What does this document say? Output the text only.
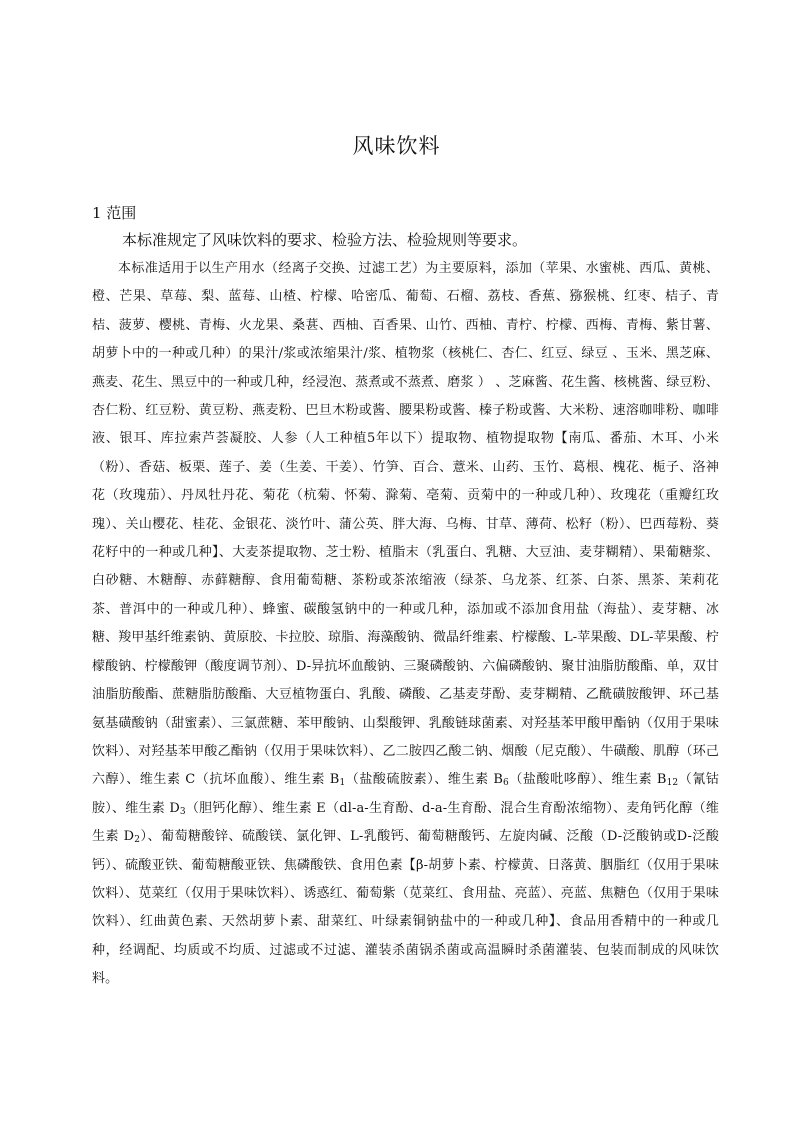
风味饮料
1 范围
本标准规定了风味饮料的要求、检验方法、检验规则等要求。
本标准适用于以生产用水（经离子交换、过滤工艺）为主要原料，添加（苹果、水蜜桃、西瓜、黄桃、橙、芒果、草莓、梨、蓝莓、山楂、柠檬、哈密瓜、葡萄、石榴、荔枝、香蕉、猕猴桃、红枣、桔子、青桔、菠萝、樱桃、青梅、火龙果、桑葚、西柚、百香果、山竹、西柚、青柠、柠檬、西梅、青梅、紫甘薯、胡萝卜中的一种或几种）的果汁/浆或浓缩果汁/浆、植物浆（核桃仁、杏仁、红豆、绿豆 、玉米、黑芝麻、燕麦、花生、黑豆中的一种或几种，经浸泡、蒸煮或不蒸煮、磨浆 ） 、芝麻酱、花生酱、核桃酱、绿豆粉、杏仁粉、红豆粉、黄豆粉、燕麦粉、巴旦木粉或酱、腰果粉或酱、榛子粉或酱、大米粉、速溶咖啡粉、咖啡液、银耳、库拉索芦荟凝胶、人参（人工种植5年以下）提取物、植物提取物【南瓜、番茄、木耳、小米（粉）、香菇、板栗、莲子、姜（生姜、干姜）、竹笋、百合、薏米、山药、玉竹、葛根、槐花、栀子、洛神花（玫瑰茄）、丹凤牡丹花、菊花（杭菊、怀菊、滁菊、亳菊、贡菊中的一种或几种）、玫瑰花（重瓣红玫瑰）、关山樱花、桂花、金银花、淡竹叶、蒲公英、胖大海、乌梅、甘草、薄荷、松籽（粉）、巴西莓粉、葵花籽中的一种或几种】、大麦茶提取物、芝士粉、植脂末（乳蛋白、乳糖、大豆油、麦芽糊精）、果葡糖浆、白砂糖、木糖醇、赤藓糖醇、食用葡萄糖、茶粉或茶浓缩液（绿茶、乌龙茶、红茶、白茶、黑茶、茉莉花茶、普洱中的一种或几种）、蜂蜜、碳酸氢钠中的一种或几种，添加或不添加食用盐（海盐）、麦芽糖、冰糖、羧甲基纤维素钠、黄原胶、卡拉胶、琼脂、海藻酸钠、微晶纤维素、柠檬酸、L-苹果酸、DL-苹果酸、柠檬酸钠、柠檬酸钾（酸度调节剂）、D-异抗坏血酸钠、三聚磷酸钠、六偏磷酸钠、聚甘油脂肪酸酯、单，双甘油脂肪酸酯、蔗糖脂肪酸酯、大豆植物蛋白、乳酸、磷酸、乙基麦芽酚、麦芽糊精、乙酰磺胺酸钾、环己基氨基磺酸钠（甜蜜素）、三氯蔗糖、苯甲酸钠、山梨酸钾、乳酸链球菌素、对羟基苯甲酸甲酯钠（仅用于果味饮料）、对羟基苯甲酸乙酯钠（仅用于果味饮料）、乙二胺四乙酸二钠、烟酸（尼克酸）、牛磺酸、肌醇（环己六醇）、维生素 C（抗坏血酸）、维生素 $B_1$（盐酸硫胺素）、维生素 $B_6$（盐酸吡哆醇）、维生素 $B_{12}$（氰钴胺）、维生素 $D_3$（胆钙化醇）、维生素 E（dl-a-生育酚、d-a-生育酚、混合生育酚浓缩物）、麦角钙化醇（维生素 $D_2$）、葡萄糖酸锌、硫酸镁、氯化钾、L-乳酸钙、葡萄糖酸钙、左旋肉碱、泛酸（D-泛酸钠或D-泛酸钙）、硫酸亚铁、葡萄糖酸亚铁、焦磷酸铁、食用色素【β-胡萝卜素、柠檬黄、日落黄、胭脂红（仅用于果味饮料）、苋菜红（仅用于果味饮料）、诱惑红、葡萄紫（苋菜红、食用盐、亮蓝）、亮蓝、焦糖色（仅用于果味饮料）、红曲黄色素、天然胡萝卜素、甜菜红、叶绿素铜钠盐中的一种或几种】、食品用香精中的一种或几种，经调配、均质或不均质、过滤或不过滤、灌装杀菌锅杀菌或高温瞬时杀菌灌装、包装而制成的风味饮料。
